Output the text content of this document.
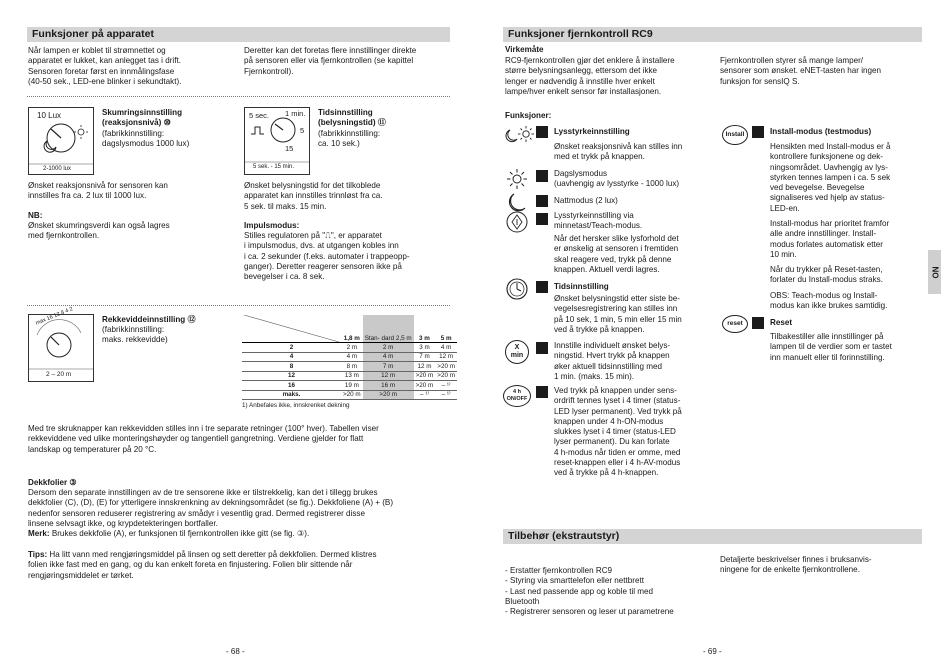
Funksjoner på apparatet
Når lampen er koblet til strømnettet og
apparatet er lukket, kan anlegget tas i drift.
Sensoren foretar først en innmålingsfase
(40-50 sek., LED-ene blinker i sekundtakt).
Deretter kan det foretas flere innstillinger direkte
på sensoren eller via fjernkontrollen (se kapittel
Fjernkontroll).
10 Lux
2-1000 lux
Skumringsinnstilling
(reaksjonsnivå) ⑩
(fabrikkinnstilling:
dagslysmodus 1000 lux)
Ønsket reaksjonsnivå for sensoren kan
innstilles fra ca. 2 lux til 1000 lux.
NB:
Ønsket skumringsverdi kan også lagres
med fjernkontrollen.
5 sec. 1 min.
5
15
5 sek. - 15 min.
Tidsinnstilling
(belysningstid) ⑪
(fabrikkinnstilling:
ca. 10 sek.)
Ønsket belysningstid for det tilkoblede
apparatet kan innstilles trinnløst fra ca.
5 sek. til maks. 15 min.
Impulsmodus:
Stilles regulatoren på "⎍", er apparatet
i impulsmodus, dvs. at utgangen kobles inn
i ca. 2 sekunder (f.eks. automater i trappeopp-
ganger). Deretter reagerer sensoren ikke på
bevegelser i ca. 8 sek.
max 16 12 8 4 2
2 – 20 m
Rekkeviddeinnstilling ⑫
(fabrikkinnstilling:
maks. rekkevidde)
		1,8 m	Stan- dard 2,5 m	3 m	5 m
2	2 m	2 m	3 m	4 m
4	4 m	4 m	7 m	12 m
8	8 m	7 m	12 m	>20 m
12	13 m	12 m	>20 m	>20 m
16	19 m	16 m	>20 m	– ¹⁾
maks.	>20 m	>20 m	– ¹⁾	– ¹⁾
1) Anbefales ikke, innskrenket dekning
Med tre skruknapper kan rekkevidden stilles inn i tre separate retninger (100° hver). Tabellen viser
rekkeviddene ved ulike monteringshøyder og tangentiell gangretning. Verdiene gjelder for flatt
landskap og temperaturer på 20 °C.
Dekkfolier ③
Dersom den separate innstillingen av de tre sensorene ikke er tilstrekkelig, kan det i tillegg brukes
dekkfolier (C), (D), (E) for ytterligere innskrenkning av dekningsområdet (se fig.). Dekkfoliene (A) + (B)
nedenfor sensoren reduserer registrering av smådyr i vesentlig grad. Dermed registrerer disse
linsene selvsagt ikke, og krypdetekteringen bortfaller.
Merk: Brukes dekkfolie (A), er funksjonen til fjernkontrollen ikke gitt (se fig. ③).
Tips: Ha litt vann med rengjøringsmiddel på linsen og sett deretter på dekkfolien. Dermed klistres
folien ikke fast med en gang, og du kan enkelt foreta en finjustering. Folien blir sittende når
rengjøringsmiddelet er tørket.
- 68 -
Funksjoner fjernkontroll RC9
Virkemåte
RC9-fjernkontrollen gjør det enklere å installere
større belysningsanlegg, ettersom det ikke
lenger er nødvendig å innstille hver enkelt
lampe/hver enkelt sensor før installasjonen.
Fjernkontrollen styrer så mange lamper/
sensorer som ønsket. eNET-tasten har ingen
funksjon for sensIQ S.
Funksjoner:
Lysstyrkeinnstilling
Ønsket reaksjonsnivå kan stilles inn
med et trykk på knappen.
Dagslysmodus
(uavhengig av lysstyrke - 1000 lux)
Nattmodus (2 lux)
Lysstyrkeinnstilling via
minnetast/Teach-modus.
Når det hersker slike lysforhold det
er ønskelig at sensoren i fremtiden
skal reagere ved, trykk på denne
knappen. Aktuell verdi lagres.
Tidsinnstilling
Ønsket belysningstid etter siste be-
vegelsesregistrering kan stilles inn
på 10 sek, 1 min, 5 min eller 15 min
ved å trykke på knappen.
X
min
Innstille individuelt ønsket belys-
ningstid. Hvert trykk på knappen
øker aktuell tidsinnstilling med
1 min. (maks. 15 min).
4 h
ON/OFF
Ved trykk på knappen under sens-
ordrift tennes lyset i 4 timer (status-
LED lyser permanent). Ved trykk på
knappen under 4 h-ON-modus
slukkes lyset i 4 timer (status-LED
lyser permanent). Du kan forlate
4 h-modus når tiden er omme, med
reset-knappen eller i 4 h-AV-modus
ved å trykke på 4 h-knappen.
Install	Install-modus (testmodus)
Hensikten med Install-modus er å
kontrollere funksjonene og dek-
ningsområdet. Uavhengig av lys-
styrken tennes lampen i ca. 5 sek
ved bevegelse. Bevegelse
signaliseres ved hjelp av status-
LED-en.
Install-modus har prioritet framfor
alle andre innstillinger. Install-
modus forlates automatisk etter
10 min.
Når du trykker på Reset-tasten,
forlater du Install-modus straks.
OBS: Teach-modus og Install-
modus kan ikke brukes samtidig.
reset	Reset
Tilbakestiller alle innstillinger på
lampen til de verdier som er tastet
inn manuelt eller til forinnstilling.
NO
Tilbehør (ekstrautstyr)
- Erstatter fjernkontrollen RC9
- Styring via smarttelefon eller nettbrett
- Last ned passende app og koble til med
Bluetooth
- Registrerer sensoren og leser ut parametrene
Detaljerte beskrivelser finnes i bruksanvis-
ningene for de enkelte fjernkontrollene.
- 69 -
